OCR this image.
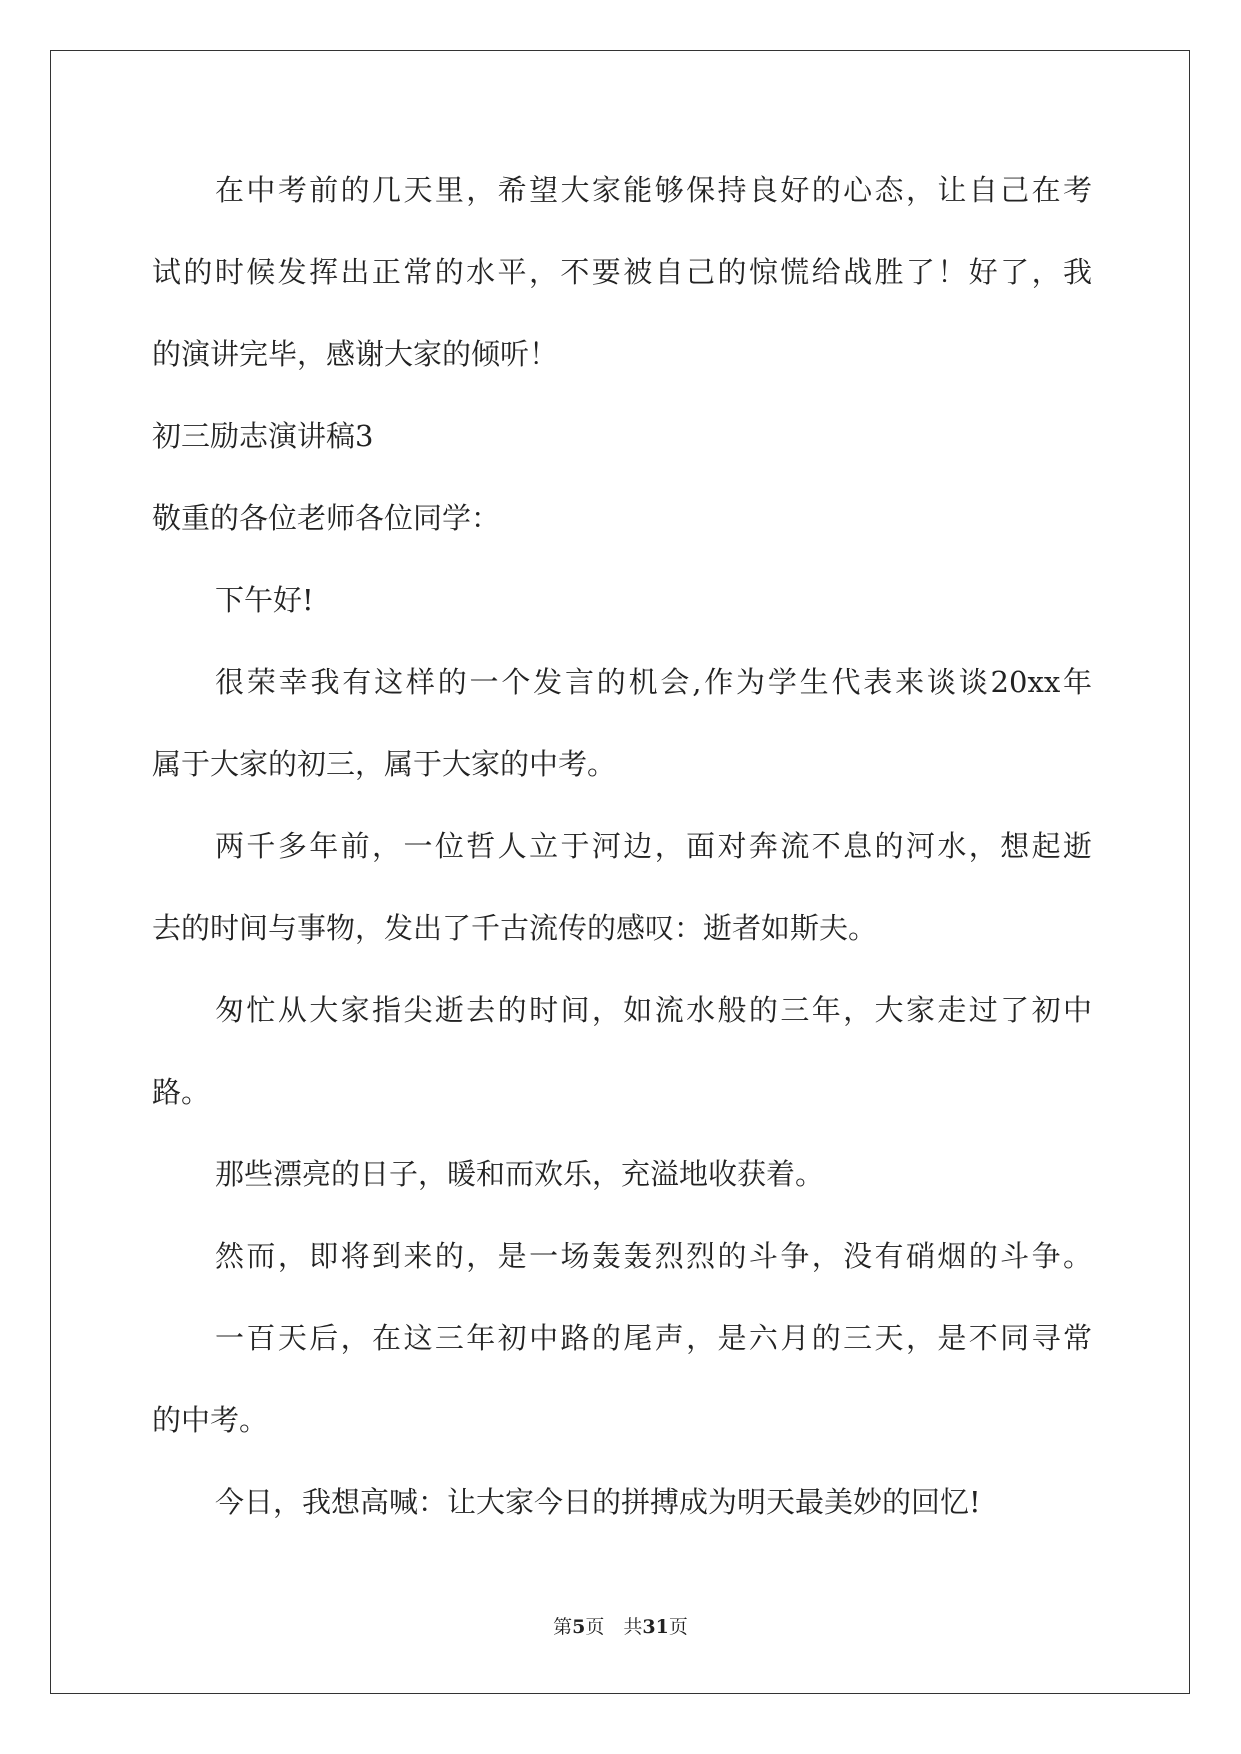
在中考前的几天里，希望大家能够保持良好的心态，让自己在考
试的时候发挥出正常的水平，不要被自己的惊慌给战胜了！好了，我
的演讲完毕，感谢大家的倾听！
初三励志演讲稿3
敬重的各位老师各位同学：
下午好!
很荣幸我有这样的一个发言的机会,作为学生代表来谈谈20xx年
属于大家的初三，属于大家的中考。
两千多年前，一位哲人立于河边，面对奔流不息的河水，想起逝
去的时间与事物，发出了千古流传的感叹：逝者如斯夫。
匆忙从大家指尖逝去的时间，如流水般的三年，大家走过了初中
路。
那些漂亮的日子，暖和而欢乐，充溢地收获着。
然而，即将到来的，是一场轰轰烈烈的斗争，没有硝烟的斗争。
一百天后，在这三年初中路的尾声，是六月的三天，是不同寻常
的中考。
今日，我想高喊：让大家今日的拼搏成为明天最美妙的回忆!
第5页　共31页
